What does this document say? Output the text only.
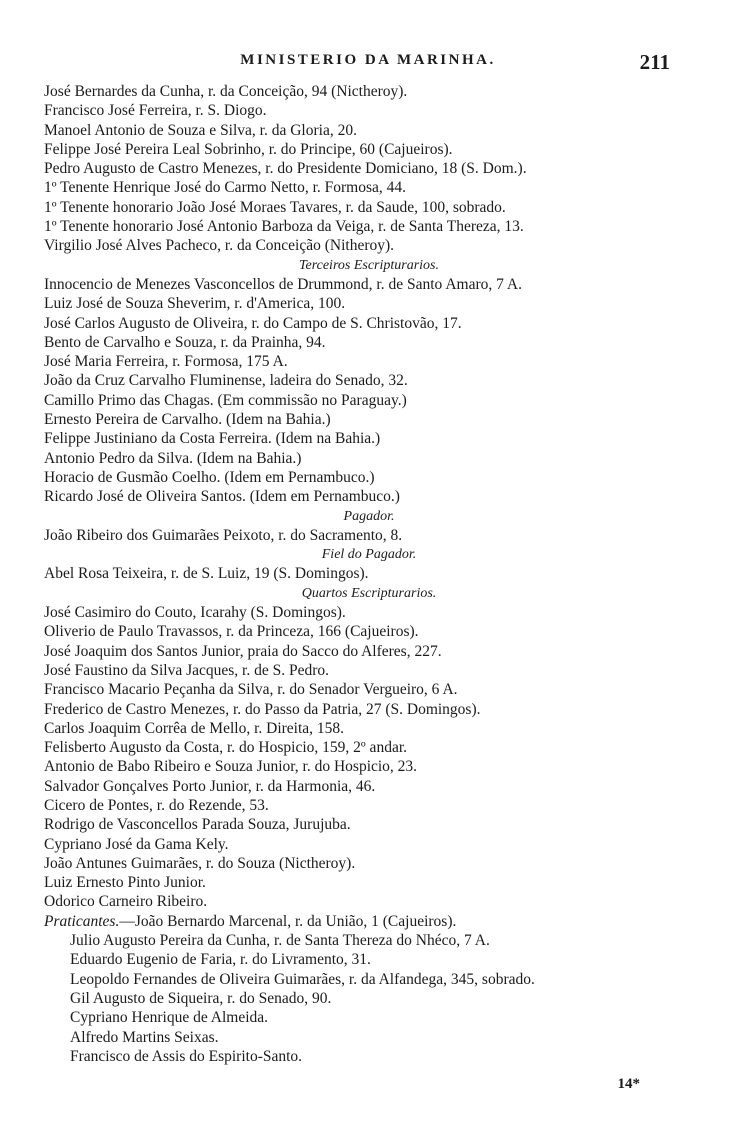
MINISTERIO DA MARINHA.	211
José Bernardes da Cunha, r. da Conceição, 94 (Nictheroy).
Francisco José Ferreira, r. S. Diogo.
Manoel Antonio de Souza e Silva, r. da Gloria, 20.
Felippe José Pereira Leal Sobrinho, r. do Principe, 60 (Cajueiros).
Pedro Augusto de Castro Menezes, r. do Presidente Domiciano, 18 (S. Dom.).
1º Tenente Henrique José do Carmo Netto, r. Formosa, 44.
1º Tenente honorario João José Moraes Tavares, r. da Saude, 100, sobrado.
1º Tenente honorario José Antonio Barboza da Veiga, r. de Santa Thereza, 13.
Virgilio José Alves Pacheco, r. da Conceição (Nitheroy).
Terceiros Escripturarios.
Innocencio de Menezes Vasconcellos de Drummond, r. de Santo Amaro, 7 A.
Luiz José de Souza Sheverim, r. d'America, 100.
José Carlos Augusto de Oliveira, r. do Campo de S. Christovão, 17.
Bento de Carvalho e Souza, r. da Prainha, 94.
José Maria Ferreira, r. Formosa, 175 A.
João da Cruz Carvalho Fluminense, ladeira do Senado, 32.
Camillo Primo das Chagas. (Em commissão no Paraguay.)
Ernesto Pereira de Carvalho. (Idem na Bahia.)
Felippe Justiniano da Costa Ferreira. (Idem na Bahia.)
Antonio Pedro da Silva. (Idem na Bahia.)
Horacio de Gusmão Coelho. (Idem em Pernambuco.)
Ricardo José de Oliveira Santos. (Idem em Pernambuco.)
Pagador.
João Ribeiro dos Guimarães Peixoto, r. do Sacramento, 8.
Fiel do Pagador.
Abel Rosa Teixeira, r. de S. Luiz, 19 (S. Domingos).
Quartos Escripturarios.
José Casimiro do Couto, Icarahy (S. Domingos).
Oliverio de Paulo Travassos, r. da Princeza, 166 (Cajueiros).
José Joaquim dos Santos Junior, praia do Sacco do Alferes, 227.
José Faustino da Silva Jacques, r. de S. Pedro.
Francisco Macario Peçanha da Silva, r. do Senador Vergueiro, 6 A.
Frederico de Castro Menezes, r. do Passo da Patria, 27 (S. Domingos).
Carlos Joaquim Corrêa de Mello, r. Direita, 158.
Felisberto Augusto da Costa, r. do Hospicio, 159, 2º andar.
Antonio de Babo Ribeiro e Souza Junior, r. do Hospicio, 23.
Salvador Gonçalves Porto Junior, r. da Harmonia, 46.
Cicero de Pontes, r. do Rezende, 53.
Rodrigo de Vasconcellos Parada Souza, Jurujuba.
Cypriano José da Gama Kely.
João Antunes Guimarães, r. do Souza (Nictheroy).
Luiz Ernesto Pinto Junior.
Odorico Carneiro Ribeiro.
Praticantes.—João Bernardo Marcenal, r. da União, 1 (Cajueiros).
Julio Augusto Pereira da Cunha, r. de Santa Thereza do Nhéco, 7 A.
Eduardo Eugenio de Faria, r. do Livramento, 31.
Leopoldo Fernandes de Oliveira Guimarães, r. da Alfandega, 345, sobrado.
Gil Augusto de Siqueira, r. do Senado, 90.
Cypriano Henrique de Almeida.
Alfredo Martins Seixas.
Francisco de Assis do Espirito-Santo.
14*
